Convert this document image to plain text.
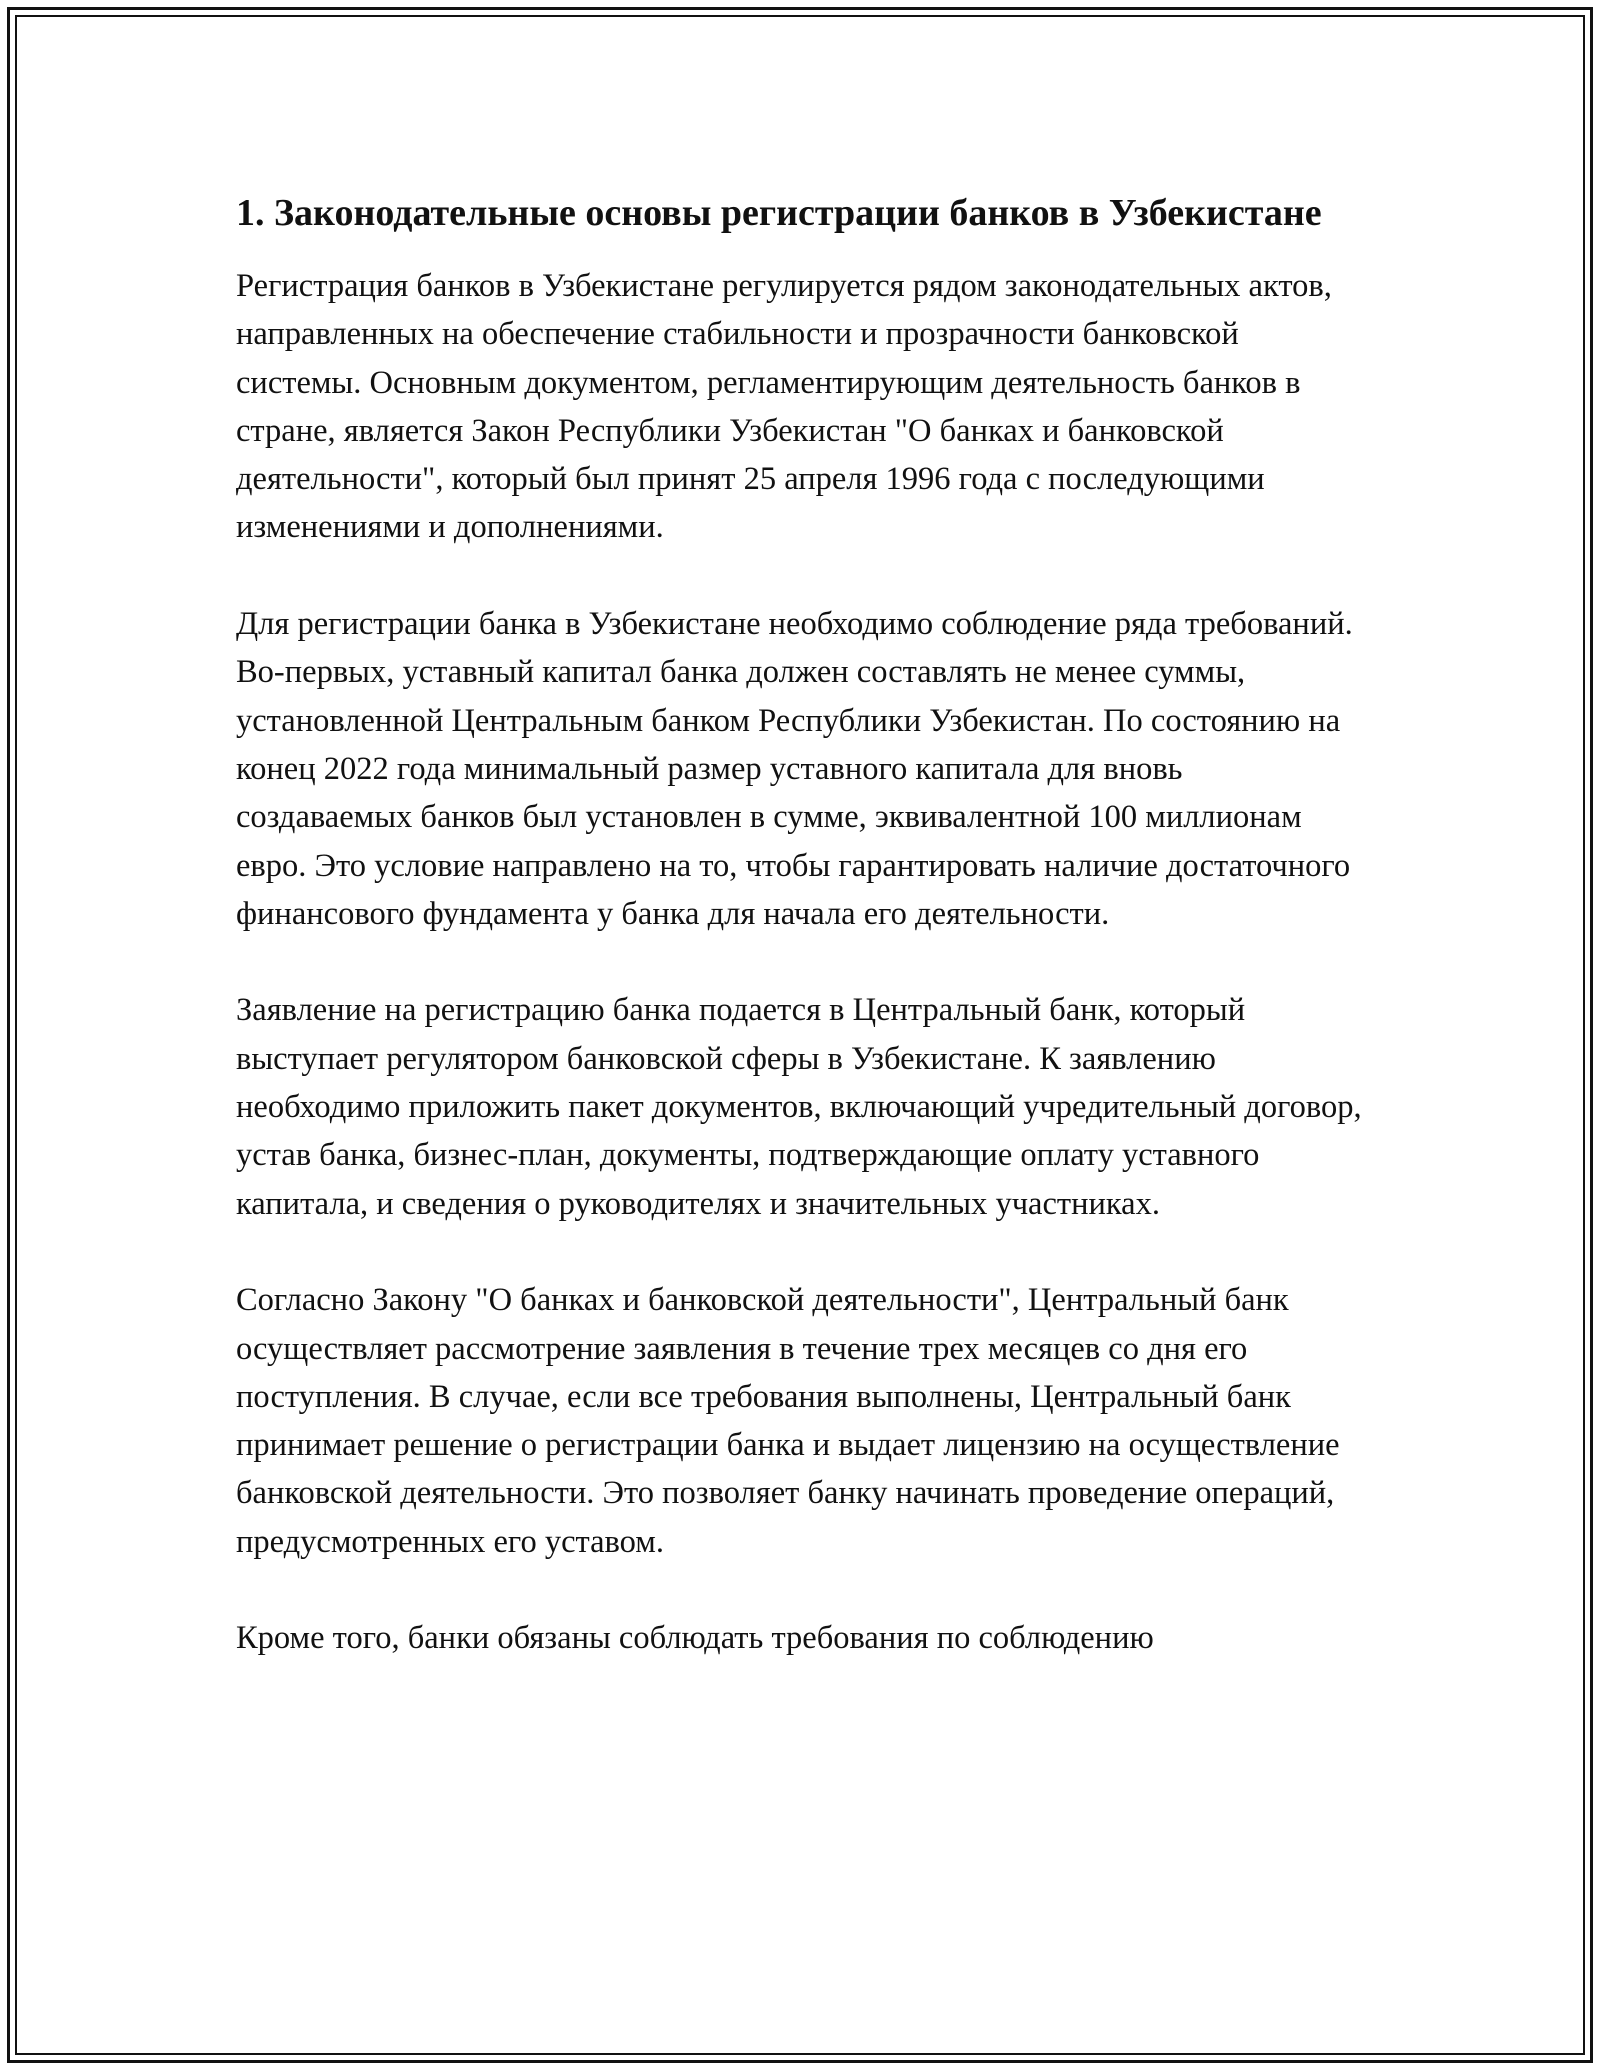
1. Законодательные основы регистрации банков в Узбекистане

Регистрация банков в Узбекистане регулируется рядом законодательных актов, направленных на обеспечение стабильности и прозрачности банковской системы. Основным документом, регламентирующим деятельность банков в стране, является Закон Республики Узбекистан "О банках и банковской деятельности", который был принят 25 апреля 1996 года с последующими изменениями и дополнениями.

Для регистрации банка в Узбекистане необходимо соблюдение ряда требований. Во-первых, уставный капитал банка должен составлять не менее суммы, установленной Центральным банком Республики Узбекистан. По состоянию на конец 2022 года минимальный размер уставного капитала для вновь создаваемых банков был установлен в сумме, эквивалентной 100 миллионам евро. Это условие направлено на то, чтобы гарантировать наличие достаточного финансового фундамента у банка для начала его деятельности.

Заявление на регистрацию банка подается в Центральный банк, который выступает регулятором банковской сферы в Узбекистане. К заявлению необходимо приложить пакет документов, включающий учредительный договор, устав банка, бизнес-план, документы, подтверждающие оплату уставного капитала, и сведения о руководителях и значительных участниках.

Согласно Закону "О банках и банковской деятельности", Центральный банк осуществляет рассмотрение заявления в течение трех месяцев со дня его поступления. В случае, если все требования выполнены, Центральный банк принимает решение о регистрации банка и выдает лицензию на осуществление банковской деятельности. Это позволяет банку начинать проведение операций, предусмотренных его уставом.

Кроме того, банки обязаны соблюдать требования по соблюдению
